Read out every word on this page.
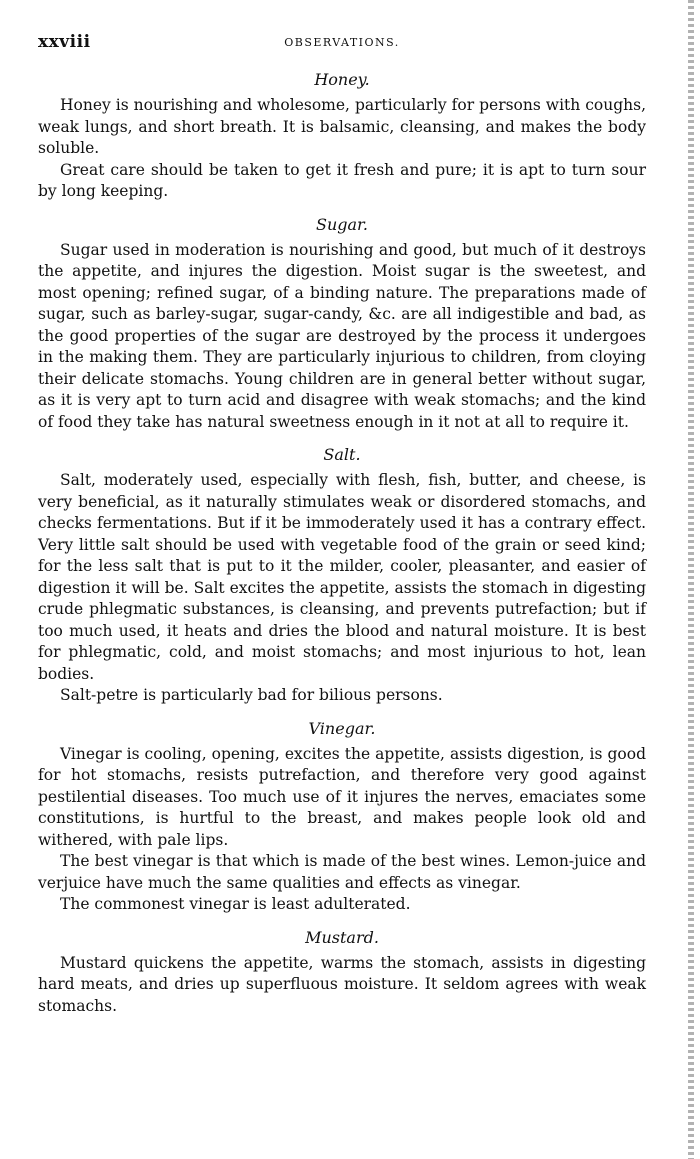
xxviii	OBSERVATIONS.
Honey.

Honey is nourishing and wholesome, particularly for persons with coughs, weak lungs, and short breath. It is balsamic, cleansing, and makes the body soluble.

Great care should be taken to get it fresh and pure; it is apt to turn sour by long keeping.

Sugar.

Sugar used in moderation is nourishing and good, but much of it destroys the appetite, and injures the digestion. Moist sugar is the sweetest, and most opening; refined sugar, of a binding nature. The preparations made of sugar, such as barley-sugar, sugar-candy, &c. are all indigestible and bad, as the good properties of the sugar are destroyed by the process it undergoes in the making them. They are particularly injurious to children, from cloying their delicate stomachs. Young children are in general better without sugar, as it is very apt to turn acid and disagree with weak stomachs; and the kind of food they take has natural sweetness enough in it not at all to require it.

Salt.

Salt, moderately used, especially with flesh, fish, butter, and cheese, is very beneficial, as it naturally stimulates weak or disordered stomachs, and checks fermentations. But if it be immoderately used it has a contrary effect. Very little salt should be used with vegetable food of the grain or seed kind; for the less salt that is put to it the milder, cooler, pleasanter, and easier of digestion it will be. Salt excites the appetite, assists the stomach in digesting crude phlegmatic substances, is cleansing, and prevents putrefaction; but if too much used, it heats and dries the blood and natural moisture. It is best for phlegmatic, cold, and moist stomachs; and most injurious to hot, lean bodies.

Salt-petre is particularly bad for bilious persons.

Vinegar.

Vinegar is cooling, opening, excites the appetite, assists digestion, is good for hot stomachs, resists putrefaction, and therefore very good against pestilential diseases. Too much use of it injures the nerves, emaciates some constitutions, is hurtful to the breast, and makes people look old and withered, with pale lips.

The best vinegar is that which is made of the best wines. Lemon-juice and verjuice have much the same qualities and effects as vinegar.

The commonest vinegar is least adulterated.

Mustard.

Mustard quickens the appetite, warms the stomach, assists in digesting hard meats, and dries up superfluous moisture. It seldom agrees with weak stomachs.
